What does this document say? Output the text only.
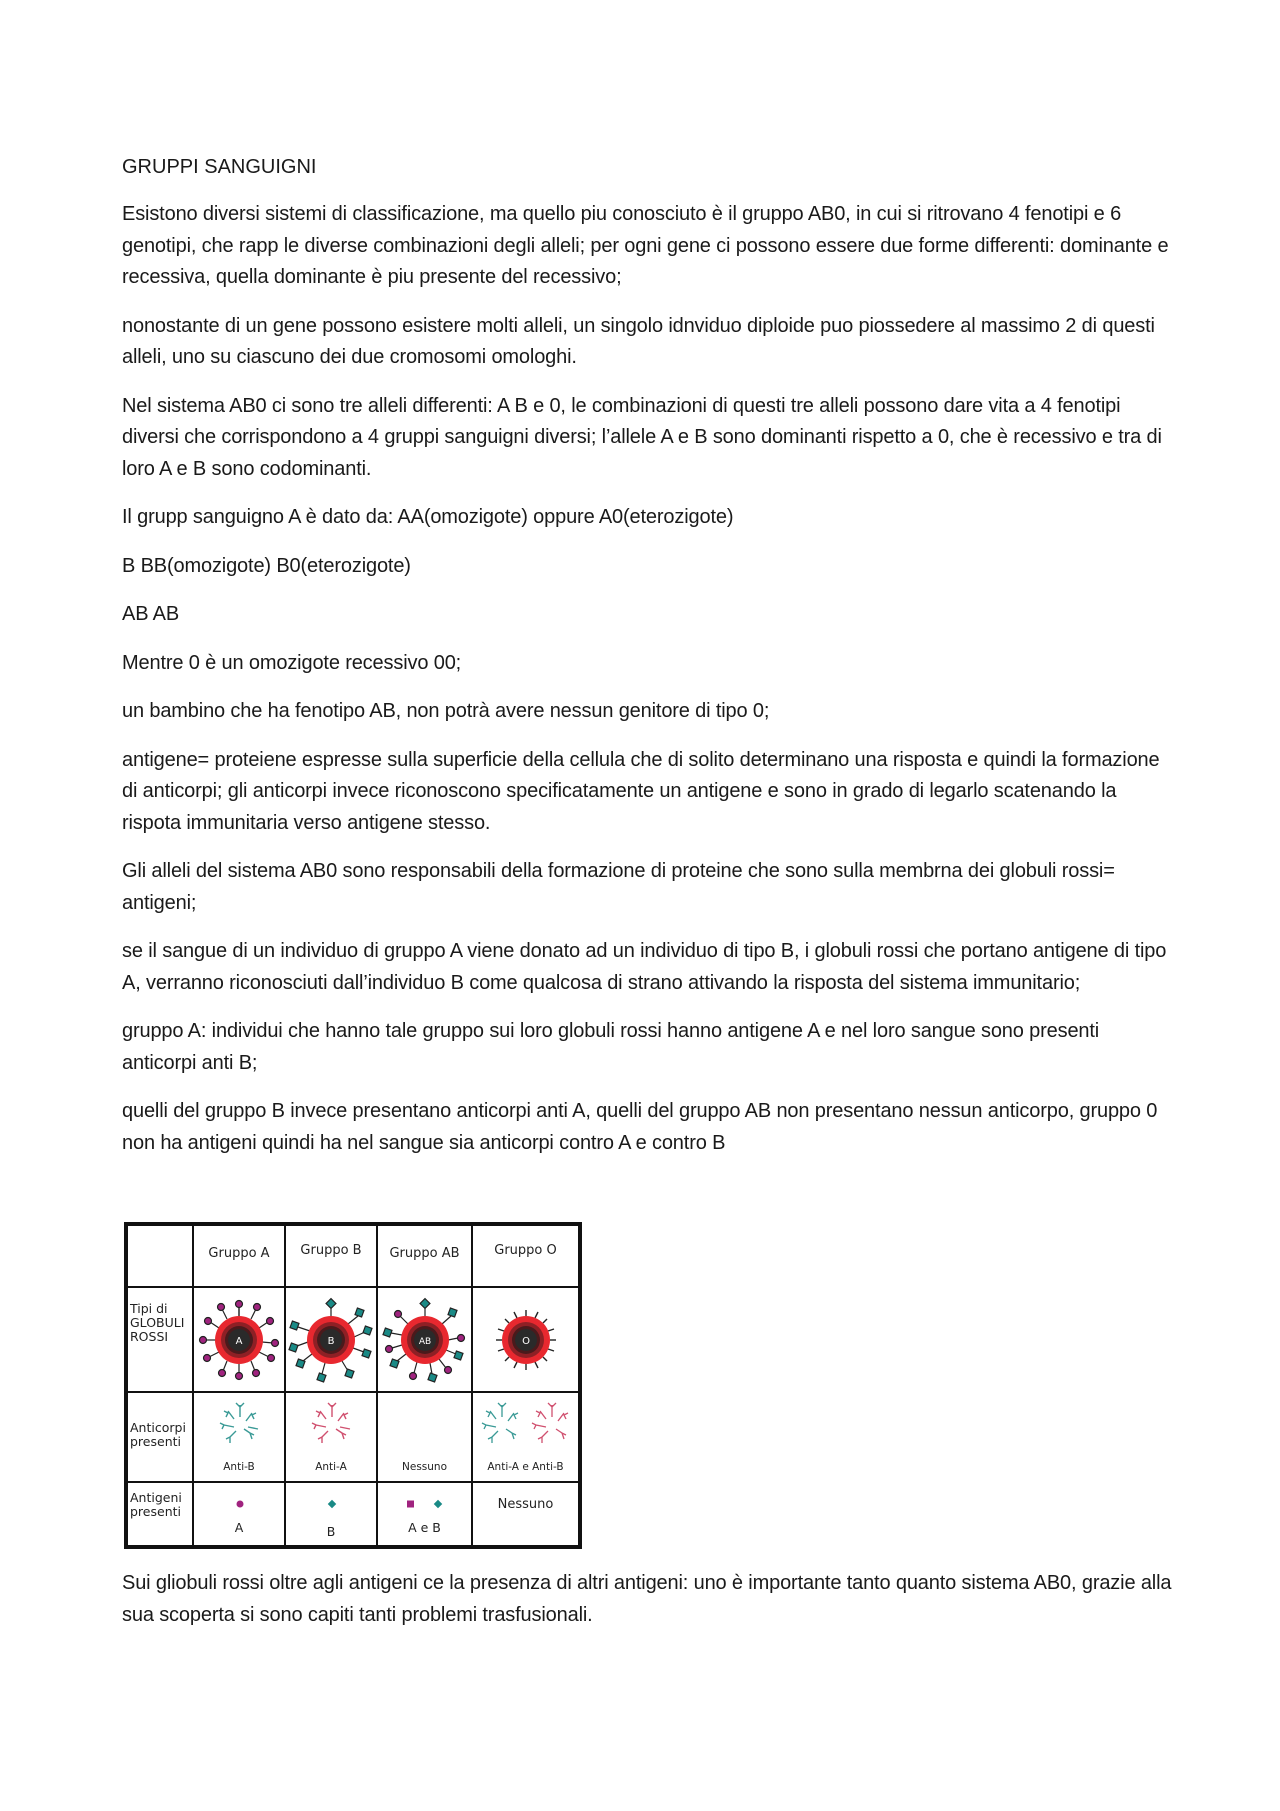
GRUPPI SANGUIGNI

Esistono diversi sistemi di classificazione, ma quello piu conosciuto è il gruppo AB0, in cui si ritrovano 4 fenotipi e 6 genotipi, che rapp le diverse combinazioni degli alleli; per ogni gene ci possono essere due forme differenti: dominante e recessiva, quella dominante è piu presente del recessivo;

nonostante di un gene possono esistere molti alleli, un singolo idnviduo diploide puo piossedere al massimo 2 di questi alleli, uno su ciascuno dei due cromosomi omologhi.

Nel sistema AB0 ci sono tre alleli differenti: A B e 0, le combinazioni di questi tre alleli possono dare vita a 4 fenotipi diversi che corrispondono a 4 gruppi sanguigni diversi; l’allele A e B sono dominanti rispetto a 0, che è recessivo e tra di loro A e B sono codominanti.

Il grupp sanguigno A è dato da: AA(omozigote) oppure A0(eterozigote)

B BB(omozigote) B0(eterozigote)

AB AB

Mentre 0 è un omozigote recessivo 00;

un bambino che ha fenotipo AB, non potrà avere nessun genitore di tipo 0;

antigene= proteiene espresse sulla superficie della cellula che di solito determinano una risposta e quindi la formazione di anticorpi; gli anticorpi invece riconoscono specificatamente un antigene e sono in grado di legarlo scatenando la rispota immunitaria verso antigene stesso.

Gli alleli del sistema AB0 sono responsabili della formazione di proteine che sono sulla membrna dei globuli rossi= antigeni;

se il sangue di un individuo di gruppo A viene donato ad un individuo di tipo B, i globuli rossi che portano antigene di tipo A, verranno riconosciuti dall’individuo B come qualcosa di strano attivando la risposta del sistema immunitario;

gruppo A: individui che hanno tale gruppo sui loro globuli rossi hanno antigene A e nel loro sangue sono presenti anticorpi anti B;

quelli del gruppo B invece presentano anticorpi anti A, quelli del gruppo AB non presentano nessun anticorpo, gruppo 0 non ha antigeni quindi ha nel sangue sia anticorpi contro A e contro B

	Gruppo A	Gruppo B	Gruppo AB	Gruppo O

Tipi di
GLOBULI
ROSSI	A	B	AB	O

Anticorpi
presenti	Anti-B	Anti-A	Nessuno	Anti-A e Anti-B

Antigeni
presenti	A	B	A e B	Nessuno

Sui gliobuli rossi oltre agli antigeni ce la presenza di altri antigeni: uno è importante tanto quanto sistema AB0, grazie alla sua scoperta si sono capiti tanti problemi trasfusionali.
